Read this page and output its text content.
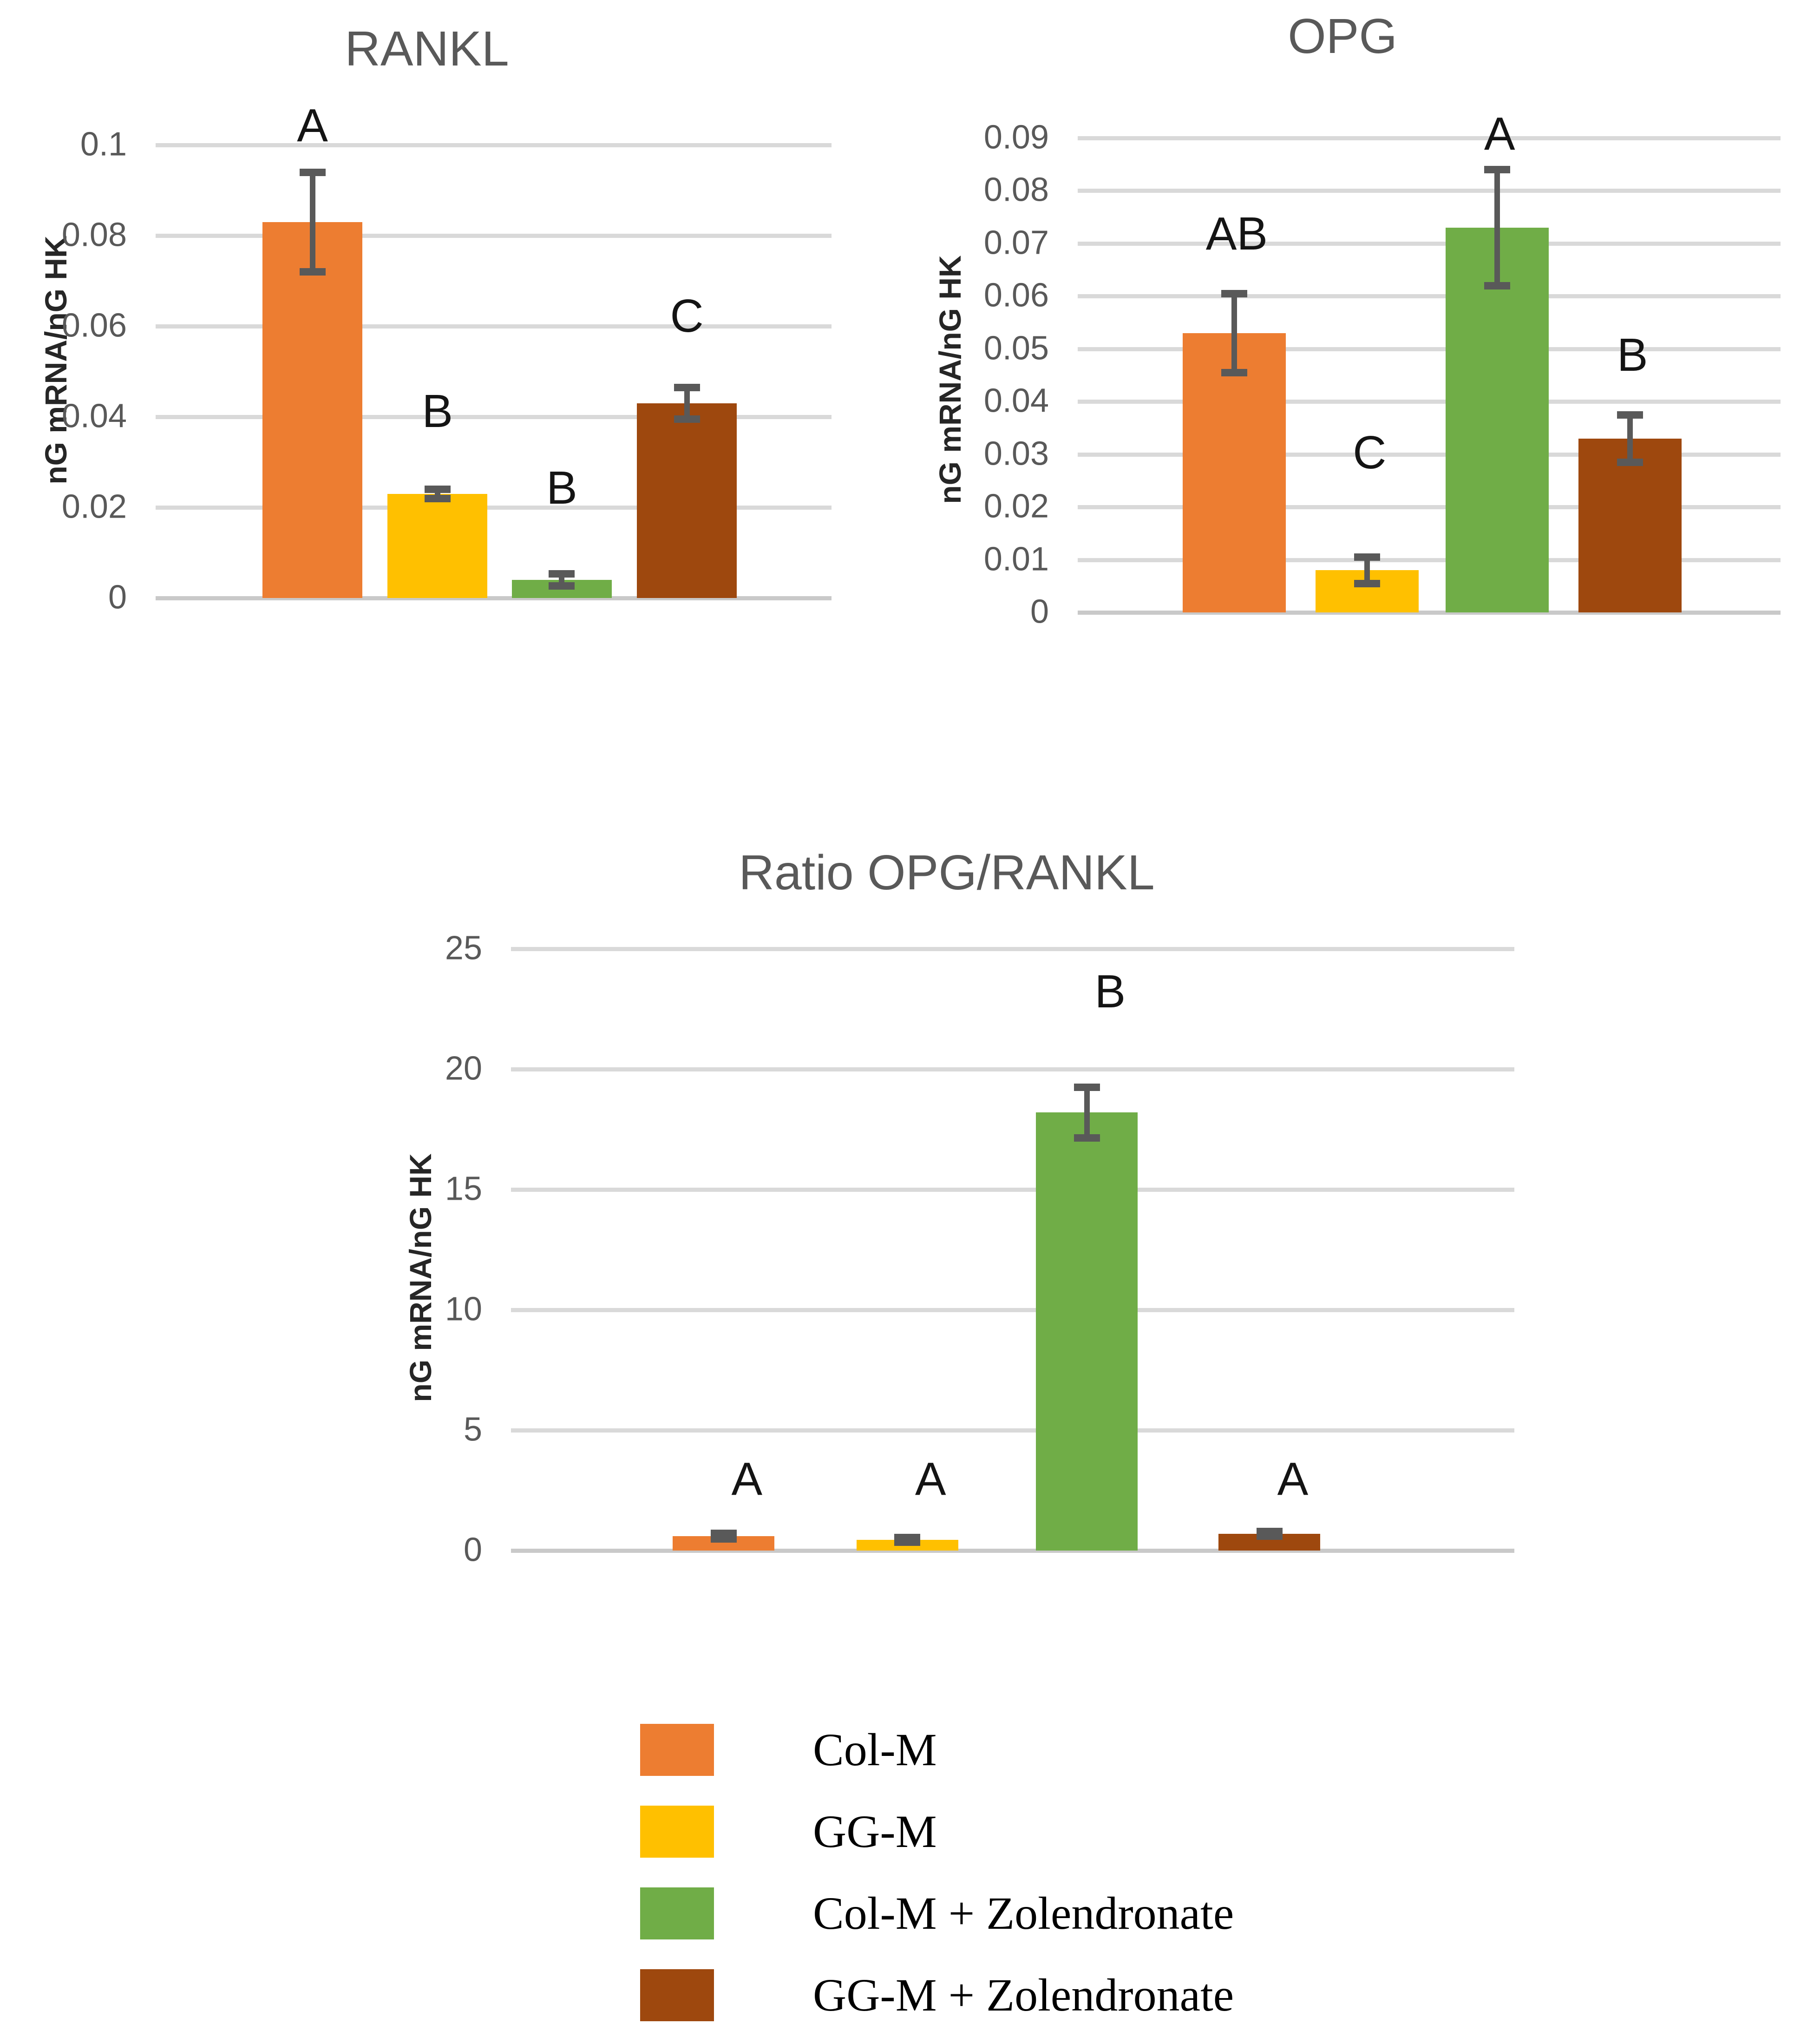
RANKL
nG mRNA/nG HK
0
0.02
0.04
0.06
0.08
0.1	A
B
B
C
OPG
nG mRNA/nG HK
0
0.01
0.02
0.03
0.04
0.05
0.06
0.07
0.08
0.09
AB
C
A
B
Ratio OPG/RANKL
nG mRNA/nG HK
0
5
10
15
20
25
A	A
B
A
Col-M
GG-M
Col-M + Zolendronate
GG-M + Zolendronate
